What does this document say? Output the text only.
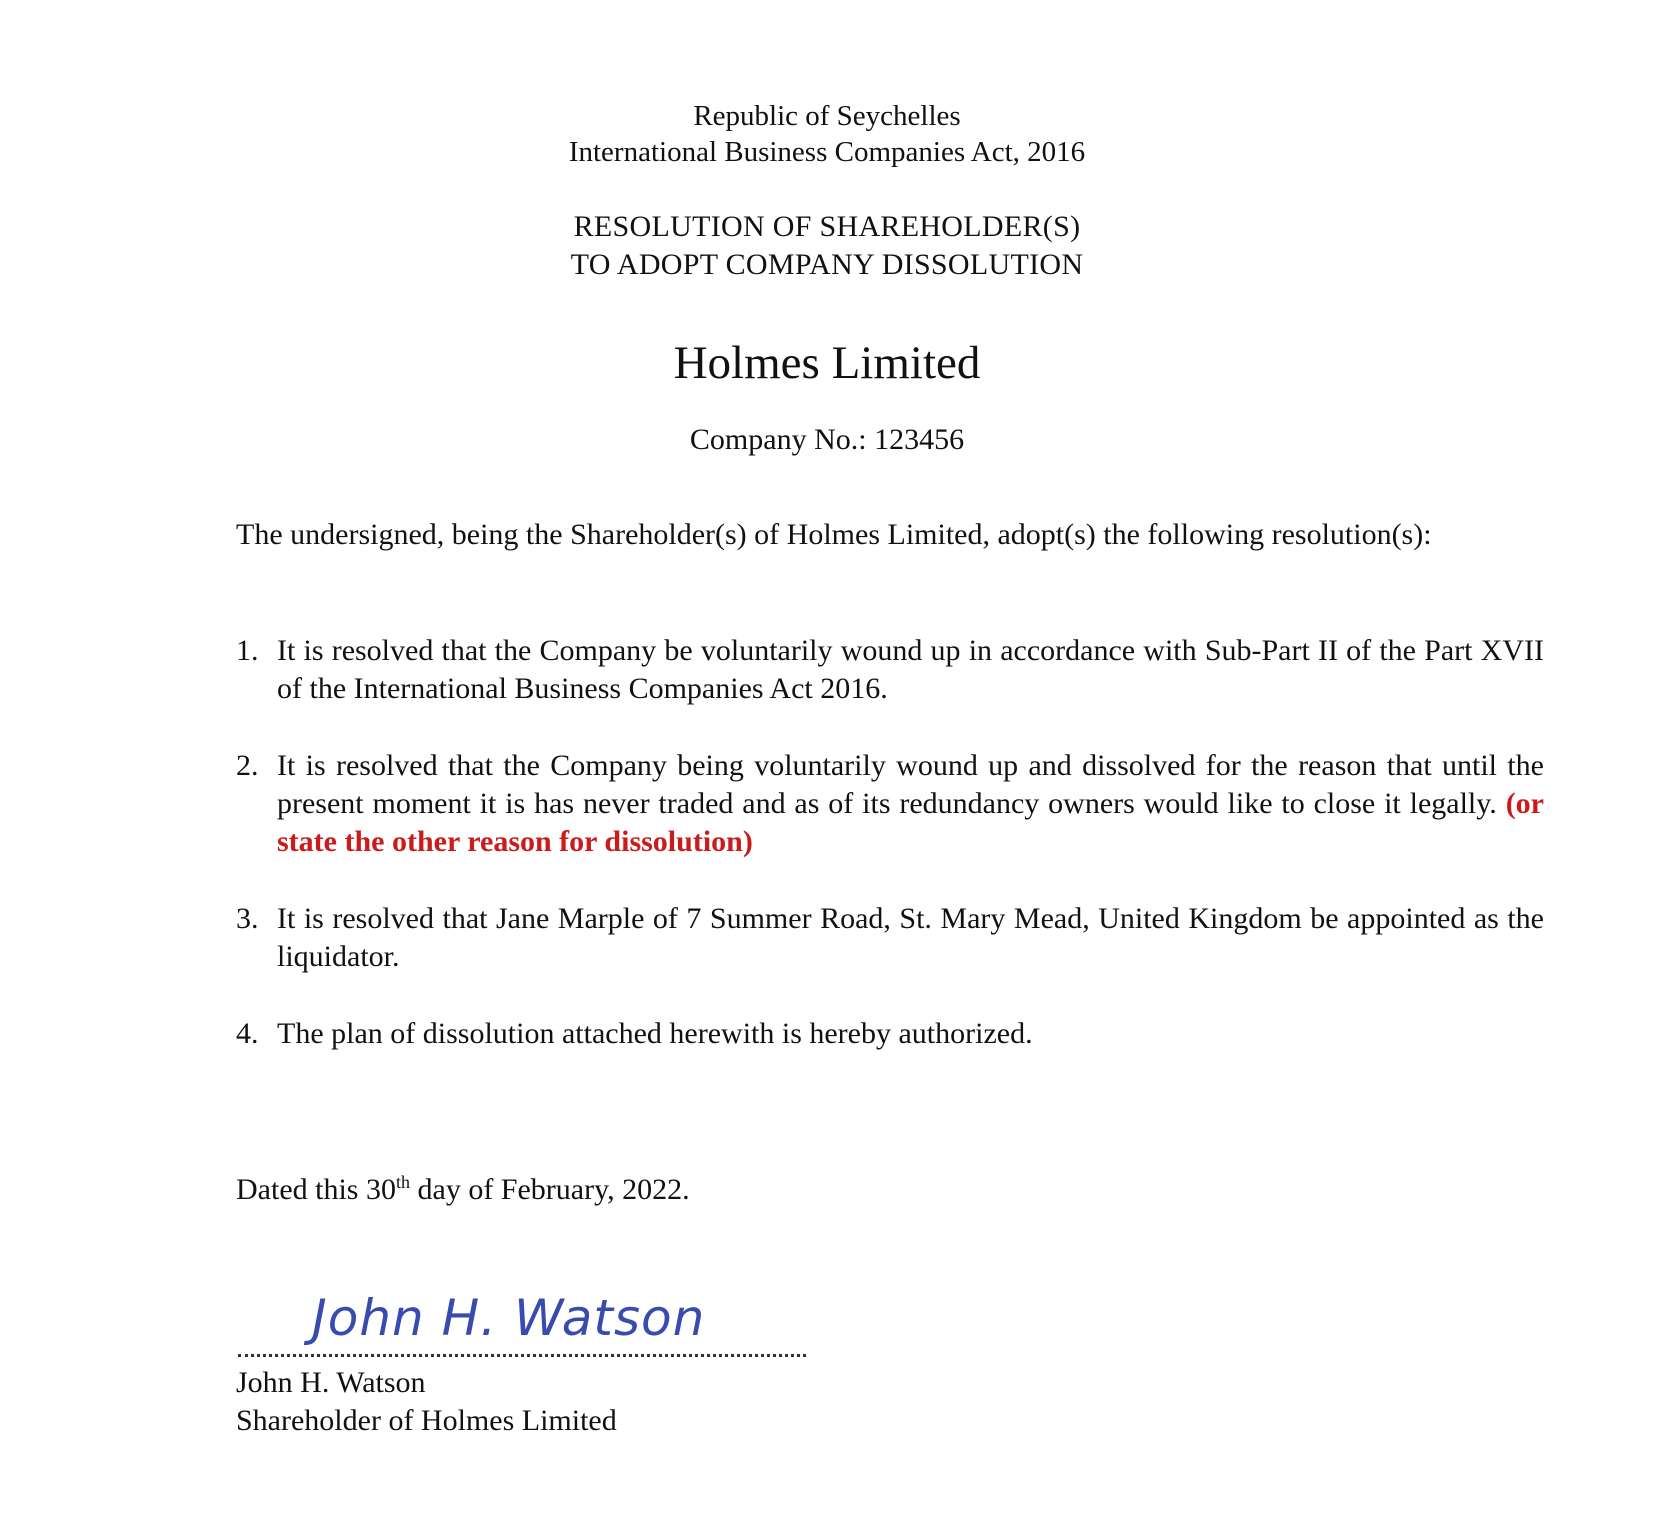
Republic of Seychelles
International Business Companies Act, 2016
RESOLUTION OF SHAREHOLDER(S)
TO ADOPT COMPANY DISSOLUTION
Holmes Limited
Company No.: 123456
The undersigned, being the Shareholder(s) of Holmes Limited, adopt(s) the following resolution(s):
1. It is resolved that the Company be voluntarily wound up in accordance with Sub-Part II of the Part XVII of the International Business Companies Act 2016.
2. It is resolved that the Company being voluntarily wound up and dissolved for the reason that until the present moment it is has never traded and as of its redundancy owners would like to close it legally. (or state the other reason for dissolution)
3. It is resolved that Jane Marple of 7 Summer Road, St. Mary Mead, United Kingdom be appointed as the liquidator.
4. The plan of dissolution attached herewith is hereby authorized.
Dated this 30th day of February, 2022.
John H. Watson
John H. Watson
Shareholder of Holmes Limited
